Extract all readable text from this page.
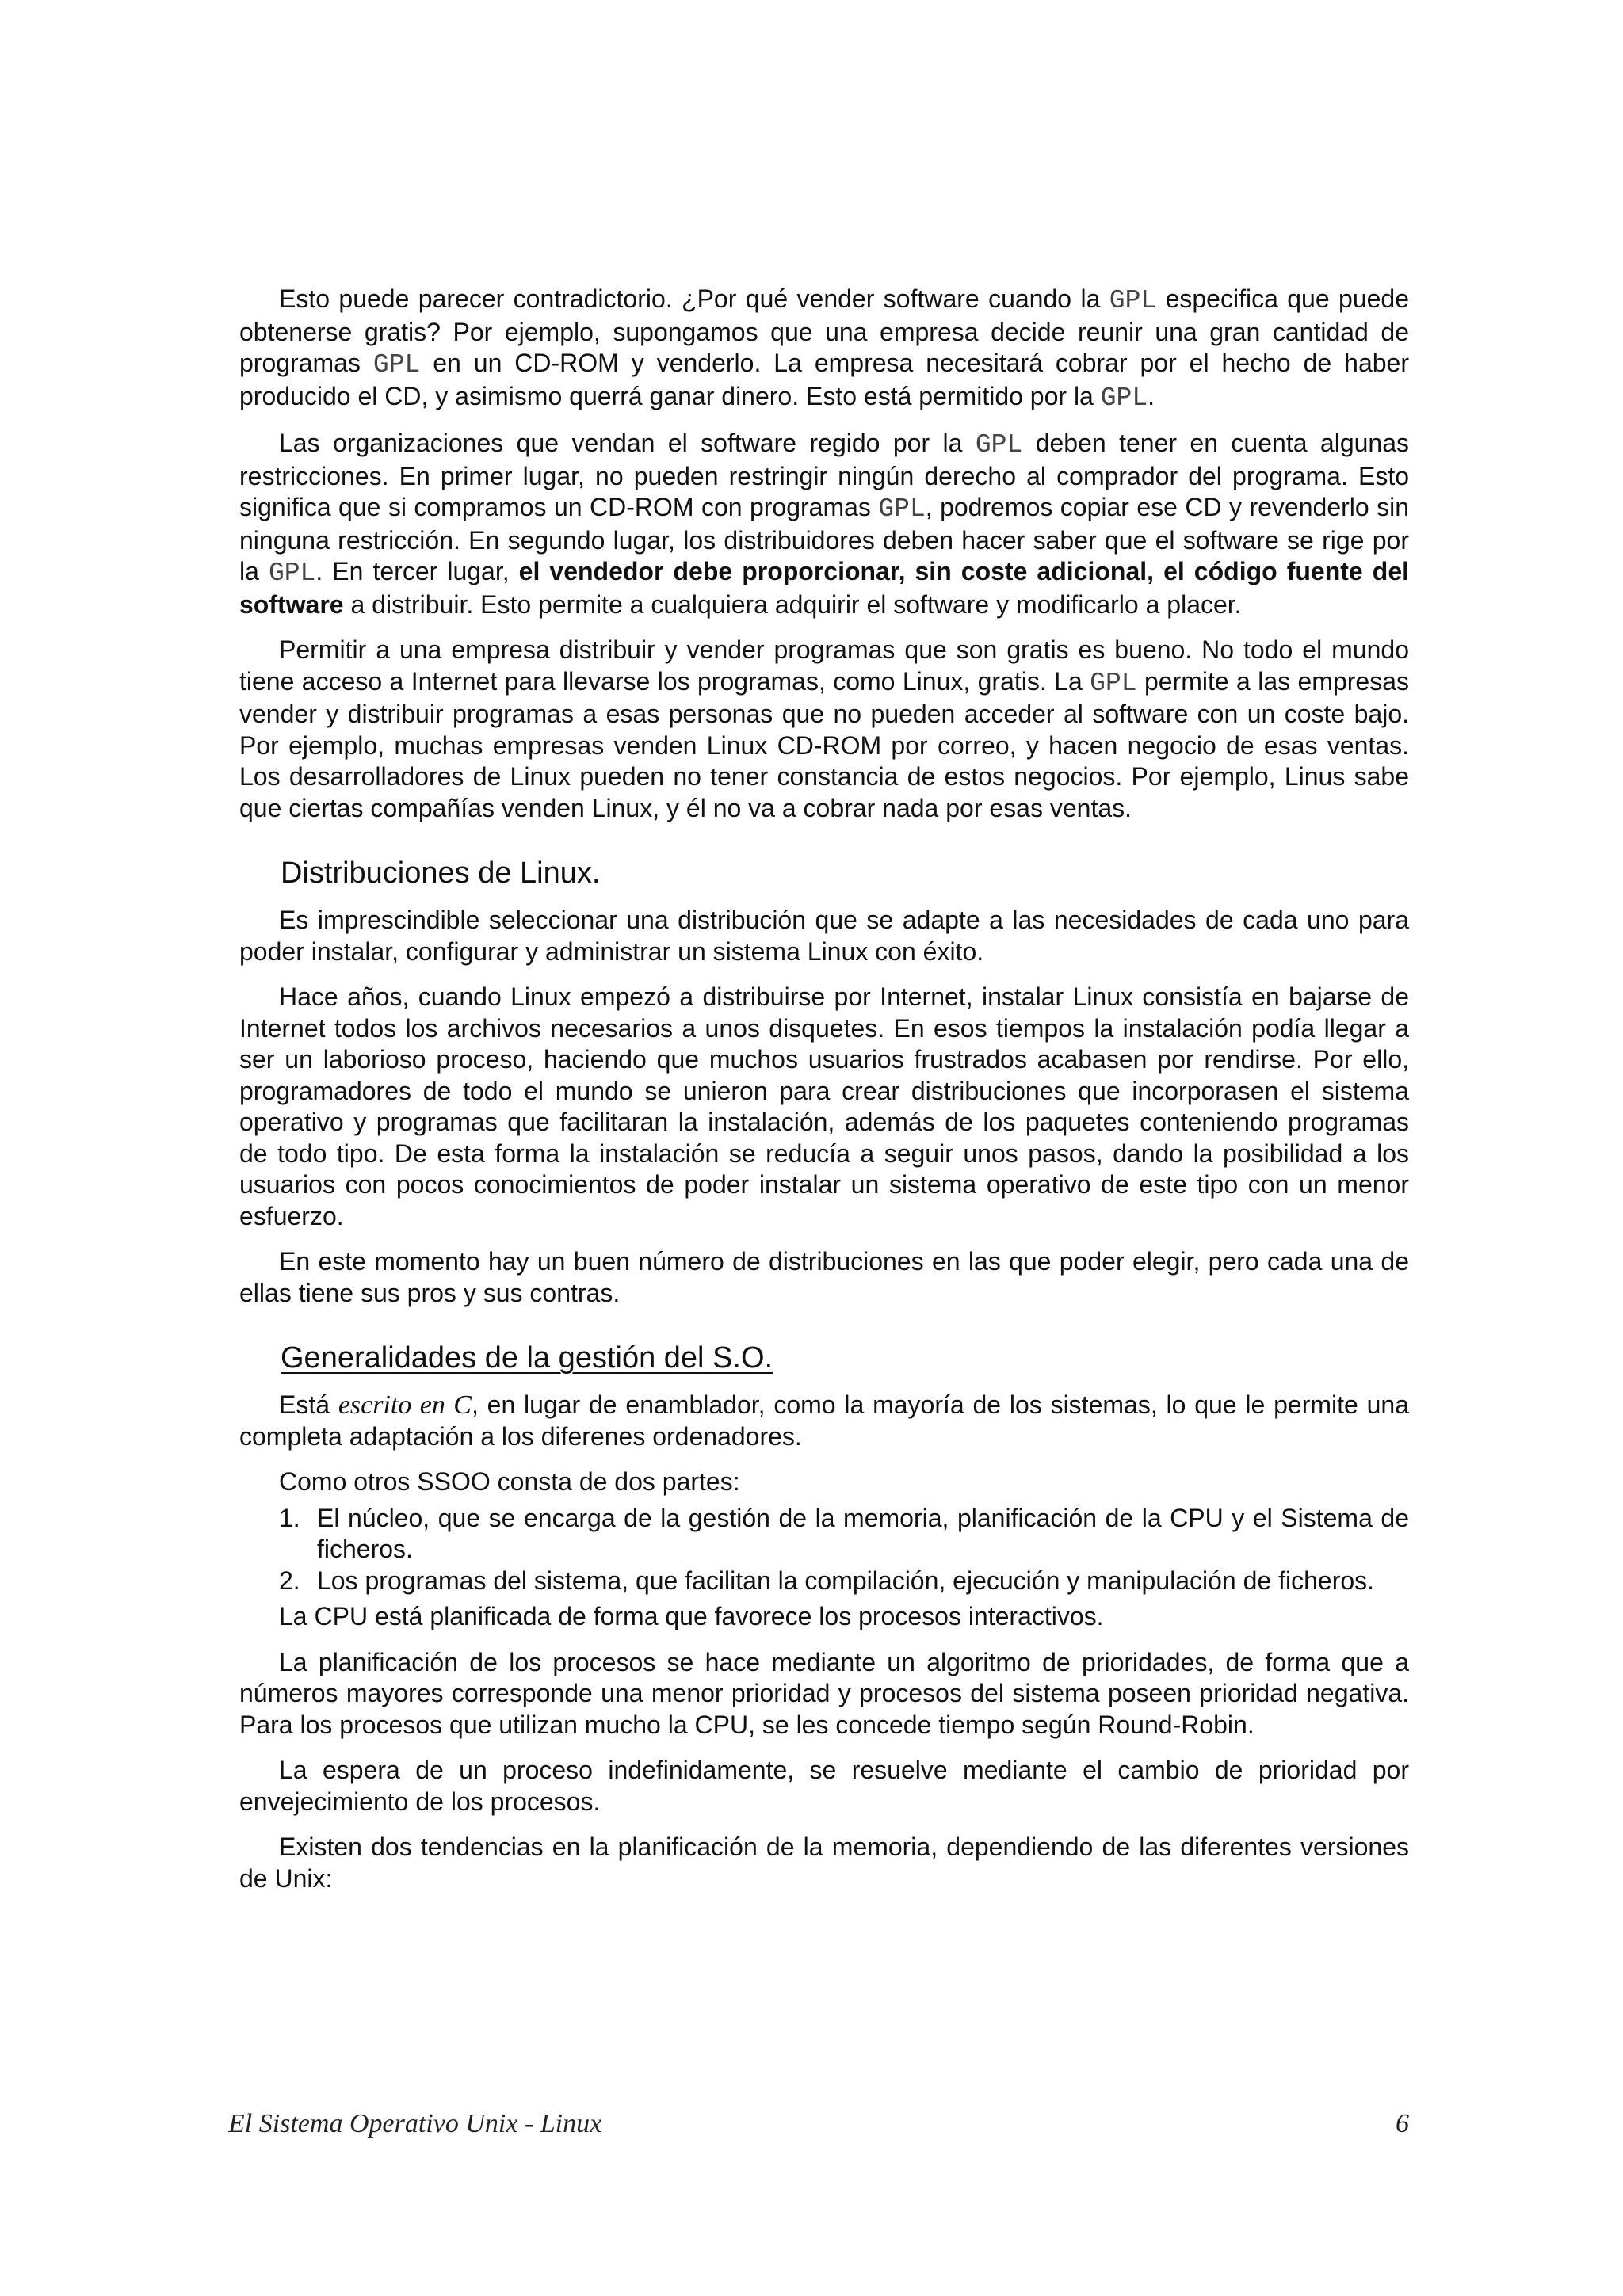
Esto puede parecer contradictorio. ¿Por qué vender software cuando la GPL especifica que puede obtenerse gratis? Por ejemplo, supongamos que una empresa decide reunir una gran cantidad de programas GPL en un CD-ROM y venderlo. La empresa necesitará cobrar por el hecho de haber producido el CD, y asimismo querrá ganar dinero. Esto está permitido por la GPL.

Las organizaciones que vendan el software regido por la GPL deben tener en cuenta algunas restricciones. En primer lugar, no pueden restringir ningún derecho al comprador del programa. Esto significa que si compramos un CD-ROM con programas GPL, podremos copiar ese CD y revenderlo sin ninguna restricción. En segundo lugar, los distribuidores deben hacer saber que el software se rige por la GPL. En tercer lugar, el vendedor debe proporcionar, sin coste adicional, el código fuente del software a distribuir. Esto permite a cualquiera adquirir el software y modificarlo a placer.

Permitir a una empresa distribuir y vender programas que son gratis es bueno. No todo el mundo tiene acceso a Internet para llevarse los programas, como Linux, gratis. La GPL permite a las empresas vender y distribuir programas a esas personas que no pueden acceder al software con un coste bajo. Por ejemplo, muchas empresas venden Linux CD-ROM por correo, y hacen negocio de esas ventas. Los desarrolladores de Linux pueden no tener constancia de estos negocios. Por ejemplo, Linus sabe que ciertas compañías venden Linux, y él no va a cobrar nada por esas ventas.

Distribuciones de Linux.

Es imprescindible seleccionar una distribución que se adapte a las necesidades de cada uno para poder instalar, configurar y administrar un sistema Linux con éxito.

Hace años, cuando Linux empezó a distribuirse por Internet, instalar Linux consistía en bajarse de Internet todos los archivos necesarios a unos disquetes. En esos tiempos la instalación podía llegar a ser un laborioso proceso, haciendo que muchos usuarios frustrados acabasen por rendirse. Por ello, programadores de todo el mundo se unieron para crear distribuciones que incorporasen el sistema operativo y programas que facilitaran la instalación, además de los paquetes conteniendo programas de todo tipo. De esta forma la instalación se reducía a seguir unos pasos, dando la posibilidad a los usuarios con pocos conocimientos de poder instalar un sistema operativo de este tipo con un menor esfuerzo.

En este momento hay un buen número de distribuciones en las que poder elegir, pero cada una de ellas tiene sus pros y sus contras.

Generalidades de la gestión del S.O.

Está escrito en C, en lugar de enamblador, como la mayoría de los sistemas, lo que le permite una completa adaptación a los diferenes ordenadores.

Como otros SSOO consta de dos partes:

1. El núcleo, que se encarga de la gestión de la memoria, planificación de la CPU y el Sistema de ficheros.
2. Los programas del sistema, que facilitan la compilación, ejecución y manipulación de ficheros.

La CPU está planificada de forma que favorece los procesos interactivos.

La planificación de los procesos se hace mediante un algoritmo de prioridades, de forma que a números mayores corresponde una menor prioridad y procesos del sistema poseen prioridad negativa. Para los procesos que utilizan mucho la CPU, se les concede tiempo según Round-Robin.

La espera de un proceso indefinidamente, se resuelve mediante el cambio de prioridad por envejecimiento de los procesos.

Existen dos tendencias en la planificación de la memoria, dependiendo de las diferentes versiones de Unix:

El Sistema Operativo Unix - Linux	6
